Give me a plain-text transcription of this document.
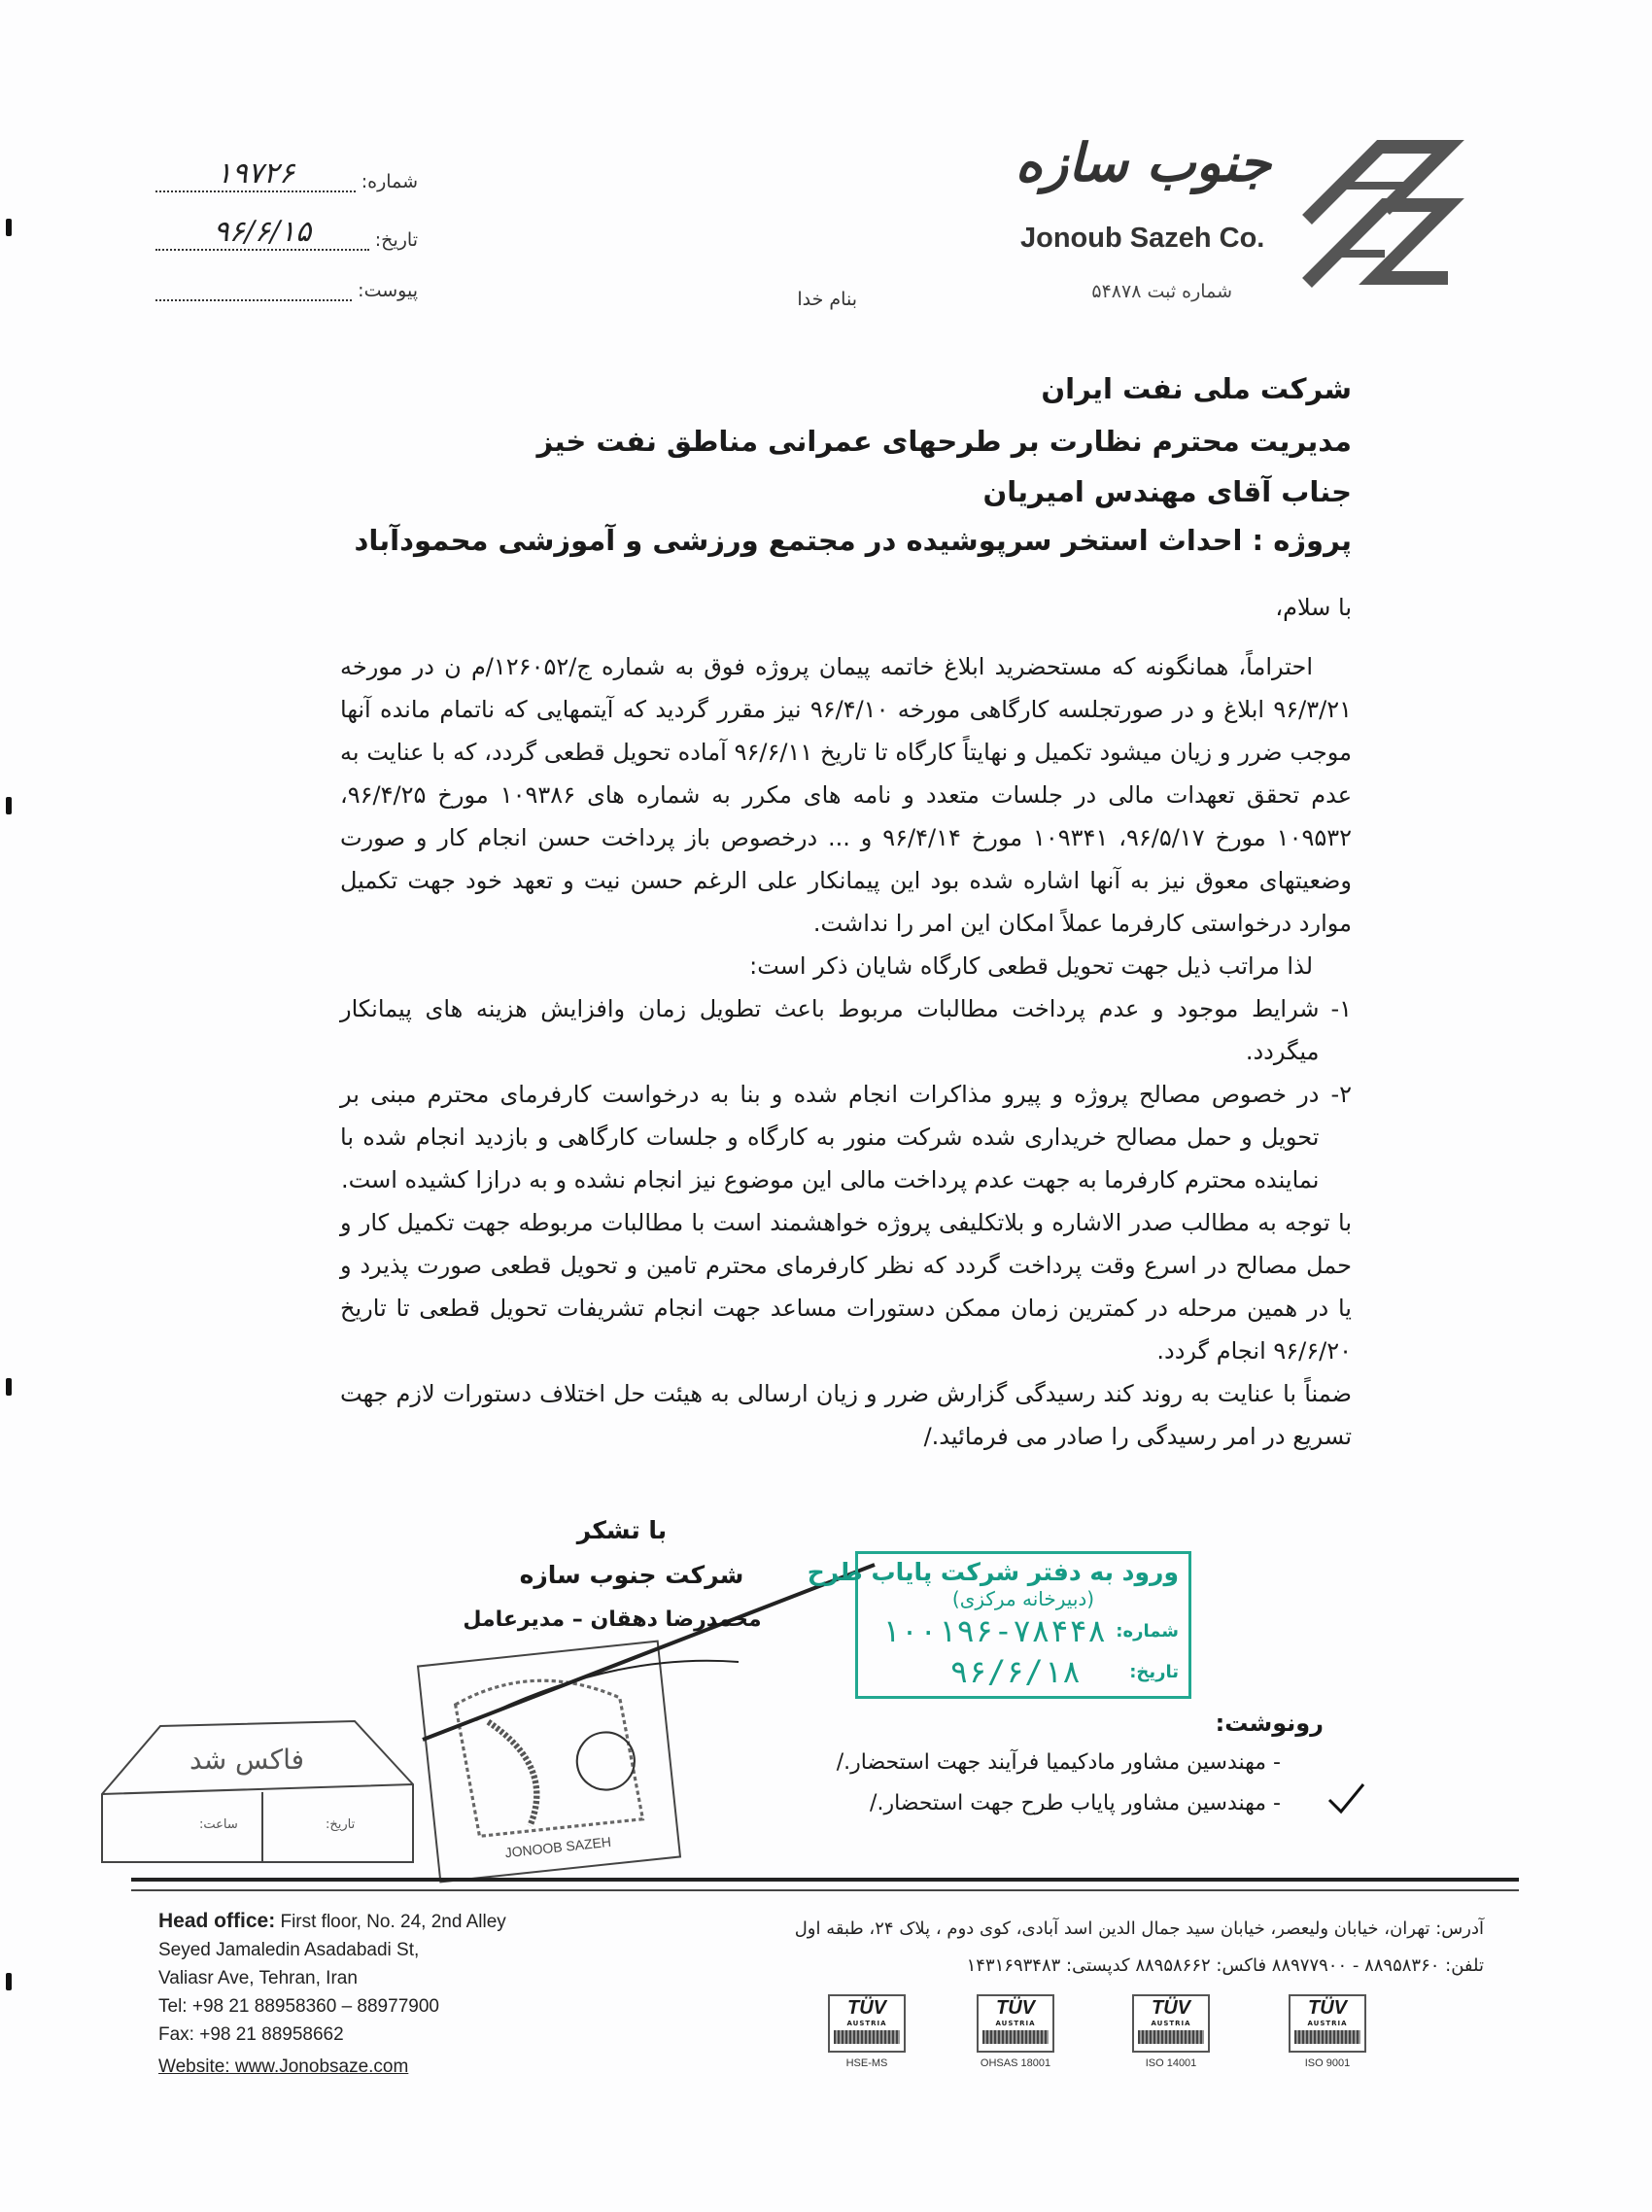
جنوب سازه
Jonoub Sazeh Co.
شماره ثبت ۵۴۸۷۸
بنام خدا
شماره:
۱۹۷۲۶
تاریخ:
۹۶/۶/۱۵
پیوست:
شرکت ملی نفت ایران
مدیریت محترم نظارت بر طرحهای عمرانی مناطق نفت خیز
جناب آقای مهندس امیریان
پروژه : احداث استخر سرپوشیده در مجتمع ورزشی و آموزشی محمودآباد
با سلام،

احتراماً، همانگونه که مستحضرید ابلاغ خاتمه پیمان پروژه فوق به شماره ج/۱۲۶۰۵۲/م ن در مورخه ۹۶/۳/۲۱ ابلاغ و در صورتجلسه کارگاهی مورخه ۹۶/۴/۱۰ نیز مقرر گردید که آیتمهایی که ناتمام مانده آنها موجب ضرر و زیان میشود تکمیل و نهایتاً کارگاه تا تاریخ ۹۶/۶/۱۱ آماده تحویل قطعی گردد، که با عنایت به عدم تحقق تعهدات مالی در جلسات متعدد و نامه های مکرر به شماره های ۱۰۹۳۸۶ مورخ ۹۶/۴/۲۵، ۱۰۹۵۳۲ مورخ ۹۶/۵/۱۷، ۱۰۹۳۴۱ مورخ ۹۶/۴/۱۴ و ... درخصوص باز پرداخت حسن انجام کار و صورت وضعیتهای معوق نیز به آنها اشاره شده بود این پیمانکار علی الرغم حسن نیت و تعهد خود جهت تکمیل موارد درخواستی کارفرما عملاً امکان این امر را نداشت.

لذا مراتب ذیل جهت تحویل قطعی کارگاه شایان ذکر است:

۱-
شرایط موجود و عدم پرداخت مطالبات مربوط باعث تطویل زمان وافزایش هزینه های پیمانکار میگردد.
۲-
در خصوص مصالح پروژه و پیرو مذاکرات انجام شده و بنا به درخواست کارفرمای محترم مبنی بر تحویل و حمل مصالح خریداری شده شرکت منور به کارگاه و جلسات کارگاهی و بازدید انجام شده با نماینده محترم کارفرما به جهت عدم پرداخت مالی این موضوع نیز انجام نشده و به درازا کشیده است.

با توجه به مطالب صدر الاشاره و بلاتکلیفی پروژه خواهشمند است با مطالبات مربوطه جهت تکمیل کار و حمل مصالح در اسرع وقت پرداخت گردد که نظر کارفرمای محترم تامین و تحویل قطعی صورت پذیرد و یا در همین مرحله در کمترین زمان ممکن دستورات مساعد جهت انجام تشریفات تحویل قطعی تا تاریخ ۹۶/۶/۲۰ انجام گردد.

ضمناً با عنایت به روند کند رسیدگی گزارش ضرر و زیان ارسالی به هیئت حل اختلاف دستورات لازم جهت تسریع در امر رسیدگی را صادر می فرمائید./

JONOOB SAZEH
با تشکر
شرکت جنوب سازه
محمدرضا دهقان – مدیرعامل
فاکس شد
تاریخ:
ساعت:
ورود به دفتر شرکت پایاب طرح
(دبیرخانه مرکزی)
شماره:
۱۰۰۱۹۶-۷۸۴۴۸
تاریخ:
۹۶/۶/۱۸
رونوشت:
- مهندسین مشاور مادکیمیا فرآیند جهت استحضار./
- مهندسین مشاور پایاب طرح جهت استحضار./
Head office: First floor, No. 24, 2nd Alley
Seyed Jamaledin Asadabadi St,
Valiasr Ave, Tehran, Iran
Tel: +98 21 88958360 – 88977900
Fax: +98 21 88958662
Website: www.Jonobsaze.com
آدرس: تهران، خیابان ولیعصر، خیابان سید جمال الدین اسد آبادی، کوی دوم ، پلاک ۲۴، طبقه اول
تلفن: ۸۸۹۵۸۳۶۰ - ۸۸۹۷۷۹۰۰ فاکس: ۸۸۹۵۸۶۶۲ کدپستی: ۱۴۳۱۶۹۳۴۸۳
TÜV
AUSTRIA
HSE-MS
TÜV
AUSTRIA
OHSAS 18001
TÜV
AUSTRIA
ISO 14001
TÜV
AUSTRIA
ISO 9001
